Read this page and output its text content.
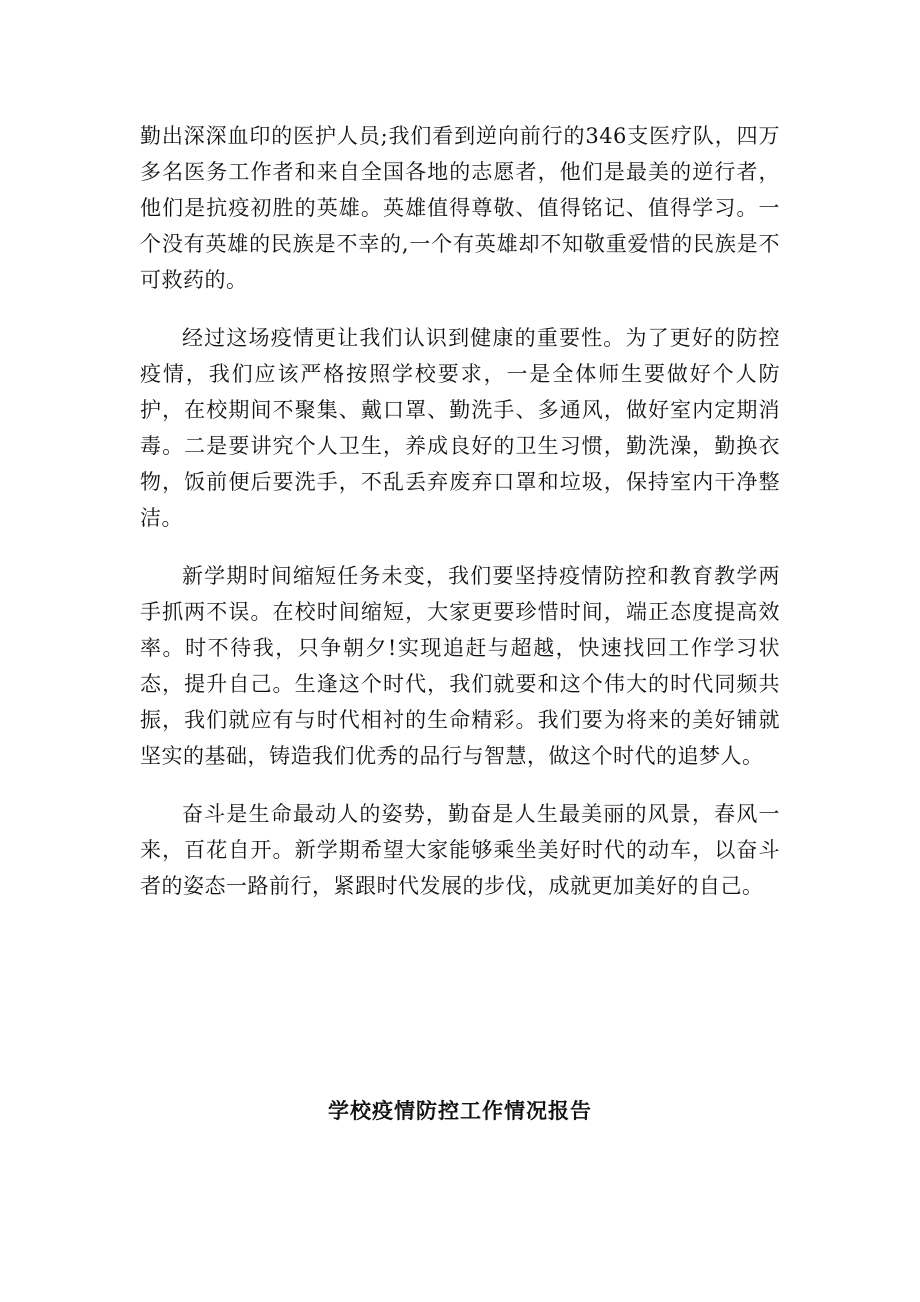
勤出深深血印的医护人员;我们看到逆向前行的346支医疗队，四万多名医务工作者和来自全国各地的志愿者，他们是最美的逆行者，他们是抗疫初胜的英雄。英雄值得尊敬、值得铭记、值得学习。一个没有英雄的民族是不幸的,一个有英雄却不知敬重爱惜的民族是不可救药的。

经过这场疫情更让我们认识到健康的重要性。为了更好的防控疫情，我们应该严格按照学校要求，一是全体师生要做好个人防护，在校期间不聚集、戴口罩、勤洗手、多通风，做好室内定期消毒。二是要讲究个人卫生，养成良好的卫生习惯，勤洗澡，勤换衣物，饭前便后要洗手，不乱丢弃废弃口罩和垃圾，保持室内干净整洁。

新学期时间缩短任务未变，我们要坚持疫情防控和教育教学两手抓两不误。在校时间缩短，大家更要珍惜时间，端正态度提高效率。时不待我，只争朝夕!实现追赶与超越，快速找回工作学习状态，提升自己。生逢这个时代，我们就要和这个伟大的时代同频共振，我们就应有与时代相衬的生命精彩。我们要为将来的美好铺就坚实的基础，铸造我们优秀的品行与智慧，做这个时代的追梦人。

奋斗是生命最动人的姿势，勤奋是人生最美丽的风景，春风一来，百花自开。新学期希望大家能够乘坐美好时代的动车，以奋斗者的姿态一路前行，紧跟时代发展的步伐，成就更加美好的自己。

学校疫情防控工作情况报告
